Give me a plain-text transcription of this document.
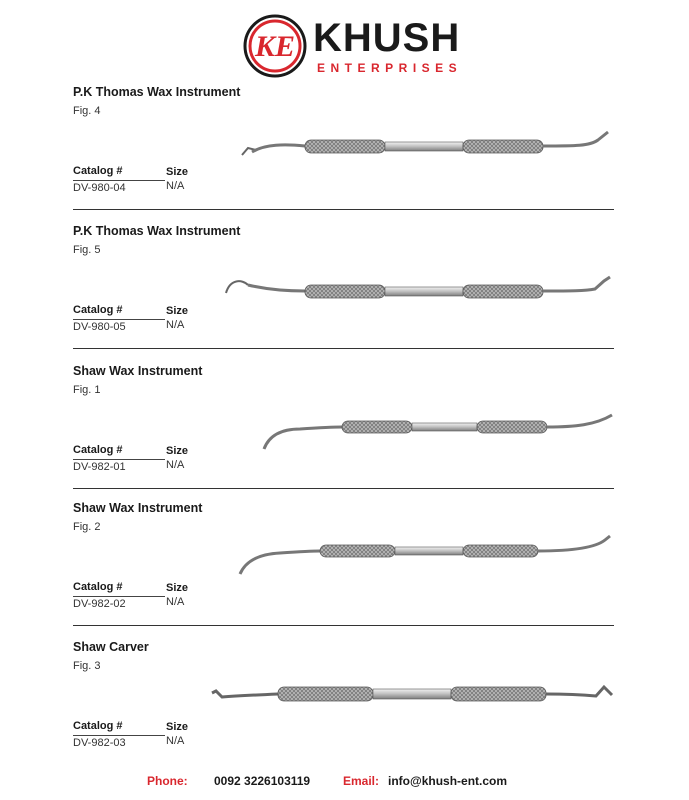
KE KHUSH
ENTERPRISES
P.K Thomas Wax Instrument
Fig. 4
Catalog #	Size
DV-980-04	N/A
P.K Thomas Wax Instrument
Fig. 5
Catalog #	Size
DV-980-05	N/A
Shaw Wax Instrument
Fig. 1
Catalog #	Size
DV-982-01	N/A
Shaw Wax Instrument
Fig. 2
Catalog #	Size
DV-982-02	N/A
Shaw Carver
Fig. 3
Catalog #	Size
DV-982-03	N/A
Phone: 0092 3226103119	Email: info@khush-ent.com
